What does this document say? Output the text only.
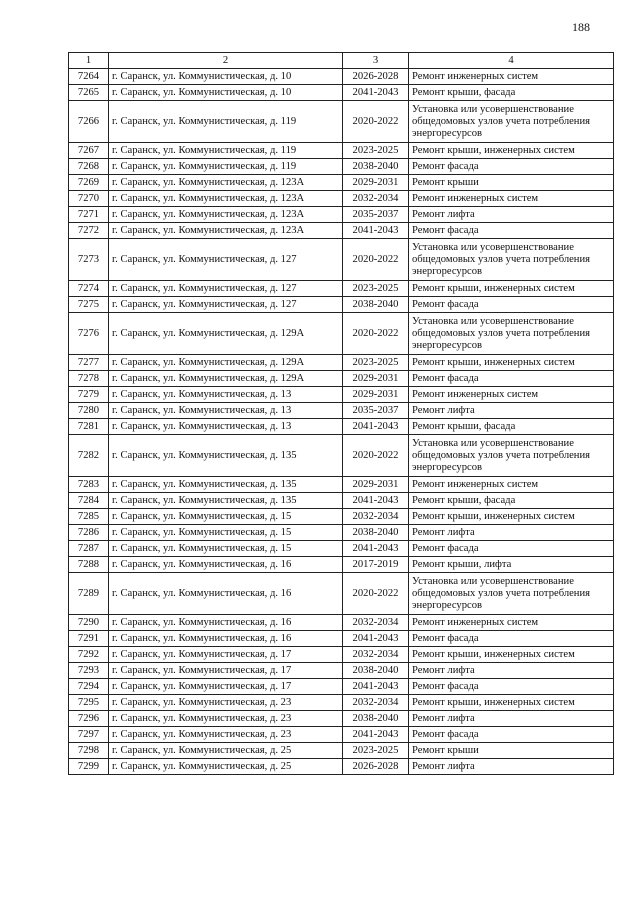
188
1	2	3	4
7264	г. Саранск, ул. Коммунистическая, д. 10	2026-2028	Ремонт инженерных систем
7265	г. Саранск, ул. Коммунистическая, д. 10	2041-2043	Ремонт крыши, фасада
7266	г. Саранск, ул. Коммунистическая, д. 119	2020-2022	Установка или усовершенствование общедомовых узлов учета потребления энергоресурсов
7267	г. Саранск, ул. Коммунистическая, д. 119	2023-2025	Ремонт крыши, инженерных систем
7268	г. Саранск, ул. Коммунистическая, д. 119	2038-2040	Ремонт фасада
7269	г. Саранск, ул. Коммунистическая, д. 123А	2029-2031	Ремонт крыши
7270	г. Саранск, ул. Коммунистическая, д. 123А	2032-2034	Ремонт инженерных систем
7271	г. Саранск, ул. Коммунистическая, д. 123А	2035-2037	Ремонт лифта
7272	г. Саранск, ул. Коммунистическая, д. 123А	2041-2043	Ремонт фасада
7273	г. Саранск, ул. Коммунистическая, д. 127	2020-2022	Установка или усовершенствование общедомовых узлов учета потребления энергоресурсов
7274	г. Саранск, ул. Коммунистическая, д. 127	2023-2025	Ремонт крыши, инженерных систем
7275	г. Саранск, ул. Коммунистическая, д. 127	2038-2040	Ремонт фасада
7276	г. Саранск, ул. Коммунистическая, д. 129А	2020-2022	Установка или усовершенствование общедомовых узлов учета потребления энергоресурсов
7277	г. Саранск, ул. Коммунистическая, д. 129А	2023-2025	Ремонт крыши, инженерных систем
7278	г. Саранск, ул. Коммунистическая, д. 129А	2029-2031	Ремонт фасада
7279	г. Саранск, ул. Коммунистическая, д. 13	2029-2031	Ремонт инженерных систем
7280	г. Саранск, ул. Коммунистическая, д. 13	2035-2037	Ремонт лифта
7281	г. Саранск, ул. Коммунистическая, д. 13	2041-2043	Ремонт крыши, фасада
7282	г. Саранск, ул. Коммунистическая, д. 135	2020-2022	Установка или усовершенствование общедомовых узлов учета потребления энергоресурсов
7283	г. Саранск, ул. Коммунистическая, д. 135	2029-2031	Ремонт инженерных систем
7284	г. Саранск, ул. Коммунистическая, д. 135	2041-2043	Ремонт крыши, фасада
7285	г. Саранск, ул. Коммунистическая, д. 15	2032-2034	Ремонт крыши, инженерных систем
7286	г. Саранск, ул. Коммунистическая, д. 15	2038-2040	Ремонт лифта
7287	г. Саранск, ул. Коммунистическая, д. 15	2041-2043	Ремонт фасада
7288	г. Саранск, ул. Коммунистическая, д. 16	2017-2019	Ремонт крыши, лифта
7289	г. Саранск, ул. Коммунистическая, д. 16	2020-2022	Установка или усовершенствование общедомовых узлов учета потребления энергоресурсов
7290	г. Саранск, ул. Коммунистическая, д. 16	2032-2034	Ремонт инженерных систем
7291	г. Саранск, ул. Коммунистическая, д. 16	2041-2043	Ремонт фасада
7292	г. Саранск, ул. Коммунистическая, д. 17	2032-2034	Ремонт крыши, инженерных систем
7293	г. Саранск, ул. Коммунистическая, д. 17	2038-2040	Ремонт лифта
7294	г. Саранск, ул. Коммунистическая, д. 17	2041-2043	Ремонт фасада
7295	г. Саранск, ул. Коммунистическая, д. 23	2032-2034	Ремонт крыши, инженерных систем
7296	г. Саранск, ул. Коммунистическая, д. 23	2038-2040	Ремонт лифта
7297	г. Саранск, ул. Коммунистическая, д. 23	2041-2043	Ремонт фасада
7298	г. Саранск, ул. Коммунистическая, д. 25	2023-2025	Ремонт крыши
7299	г. Саранск, ул. Коммунистическая, д. 25	2026-2028	Ремонт лифта
